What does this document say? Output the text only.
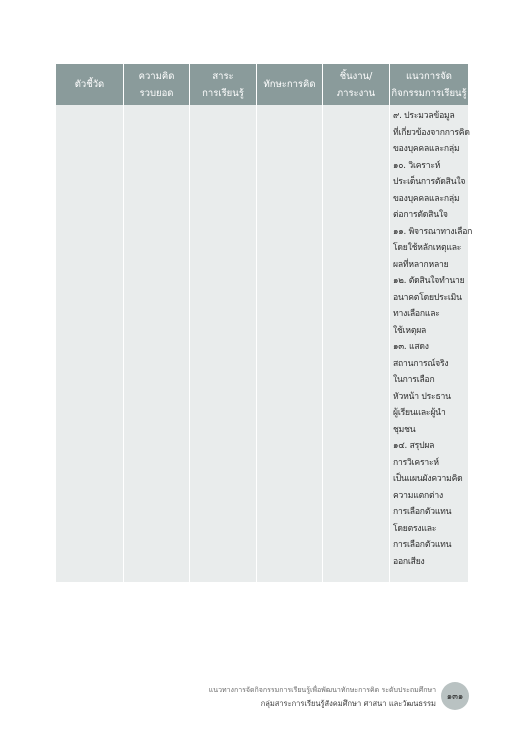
ตัวชี้วัด
ความคิด
รวบยอด
สาระ
การเรียนรู้
ทักษะการคิด
ชิ้นงาน/
ภาระงาน
แนวการจัด
กิจกรรมการเรียนรู้
๙. ประมวลข้อมูล
ที่เกี่ยวข้องจากการคิด
ของบุคคลและกลุ่ม
๑๐. วิเคราะห์
ประเด็นการตัดสินใจ
ของบุคคลและกลุ่ม
ต่อการตัดสินใจ
๑๑. พิจารณาทางเลือก
โดยใช้หลักเหตุและ
ผลที่หลากหลาย
๑๒. ตัดสินใจทำนาย
อนาคตโดยประเมิน
ทางเลือกและ
ใช้เหตุผล
๑๓. แสดง
สถานการณ์จริง
ในการเลือก
หัวหน้า ประธาน
ผู้เรียนและผู้นำ
ชุมชน
๑๔. สรุปผล
การวิเคราะห์
เป็นแผนผังความคิด
ความแตกต่าง
การเลือกตัวแทน
โดยตรงและ
การเลือกตัวแทน
ออกเสียง
แนวทางการจัดกิจกรรมการเรียนรู้เพื่อพัฒนาทักษะการคิด ระดับประถมศึกษา
กลุ่มสาระการเรียนรู้สังคมศึกษา ศาสนา และวัฒนธรรม
๑๓๑
